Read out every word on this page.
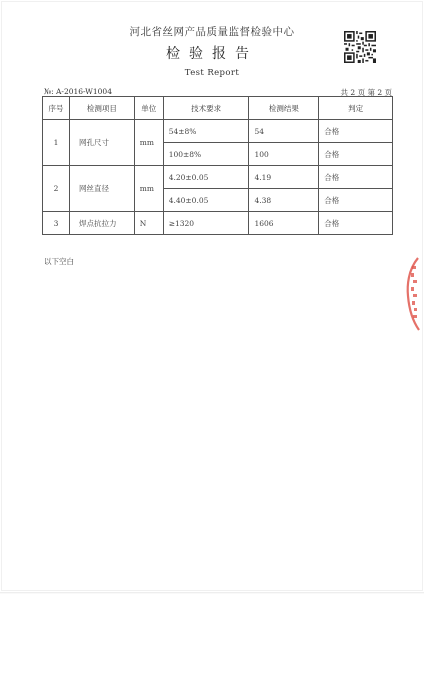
河北省丝网产品质量监督检验中心
检验报告
Test Report
№: A-2016-W1004	共 2 页 第 2 页
序号	检测项目	单位	技术要求	检测结果	判定
1	网孔尺寸	mm	54±8%	54	合格
			100±8%	100	合格
2	网丝直径	mm	4.20±0.05	4.19	合格
			4.40±0.05	4.38	合格
3	焊点抗拉力	N	≥1320	1606	合格
以下空白
